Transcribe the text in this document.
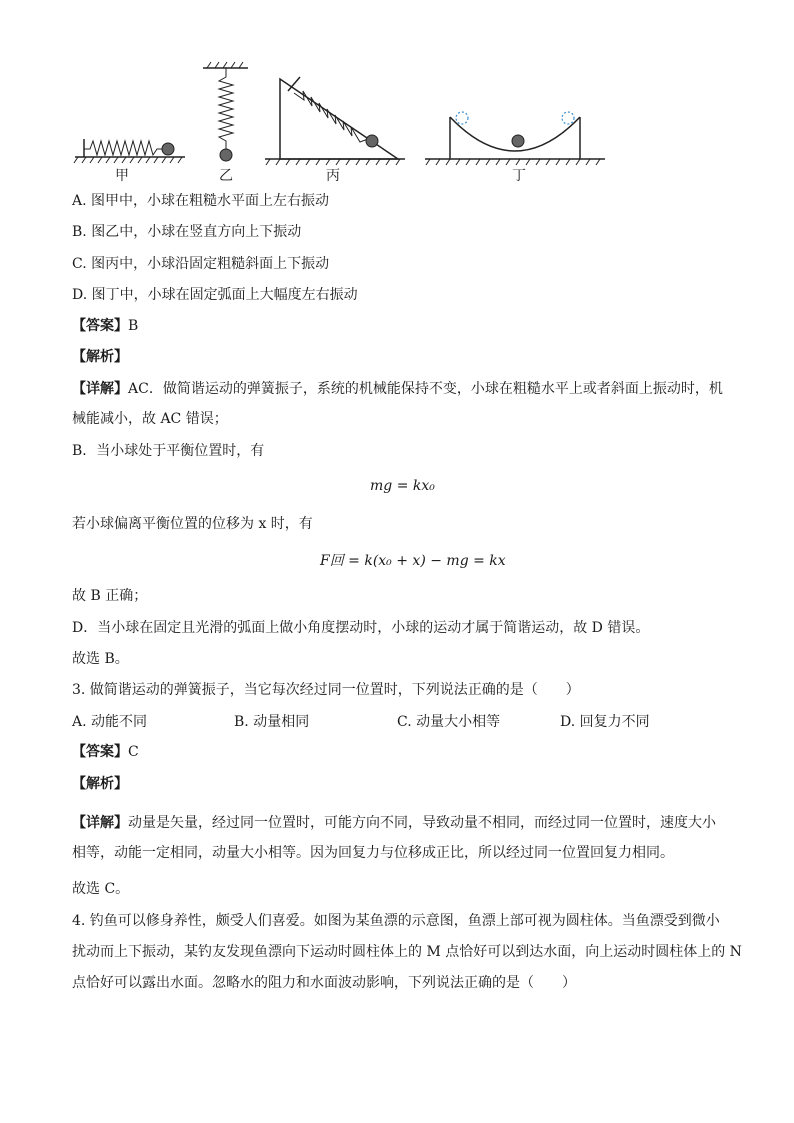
甲	乙	丙	丁
A. 图甲中，小球在粗糙水平面上左右振动
B. 图乙中，小球在竖直方向上下振动
C. 图丙中，小球沿固定粗糙斜面上下振动
D. 图丁中，小球在固定弧面上大幅度左右振动
【答案】B
【解析】
【详解】AC．做简谐运动的弹簧振子，系统的机械能保持不变，小球在粗糙水平上或者斜面上振动时，机
械能减小，故 AC 错误；
B．当小球处于平衡位置时，有
mg = kx₀
若小球偏离平衡位置的位移为 x 时，有
F回 = k(x₀ + x) − mg = kx
故 B 正确；
D．当小球在固定且光滑的弧面上做小角度摆动时，小球的运动才属于简谐运动，故 D 错误。
故选 B。
3. 做简谐运动的弹簧振子，当它每次经过同一位置时，下列说法正确的是（　　）
A. 动能不同	B. 动量相同	C. 动量大小相等	D. 回复力不同
【答案】C
【解析】
【详解】动量是矢量，经过同一位置时，可能方向不同，导致动量不相同，而经过同一位置时，速度大小
相等，动能一定相同，动量大小相等。因为回复力与位移成正比，所以经过同一位置回复力相同。
故选 C。
4. 钓鱼可以修身养性，颇受人们喜爱。如图为某鱼漂的示意图，鱼漂上部可视为圆柱体。当鱼漂受到微小
扰动而上下振动，某钓友发现鱼漂向下运动时圆柱体上的 M 点恰好可以到达水面，向上运动时圆柱体上的 N
点恰好可以露出水面。忽略水的阻力和水面波动影响，下列说法正确的是（　　）
